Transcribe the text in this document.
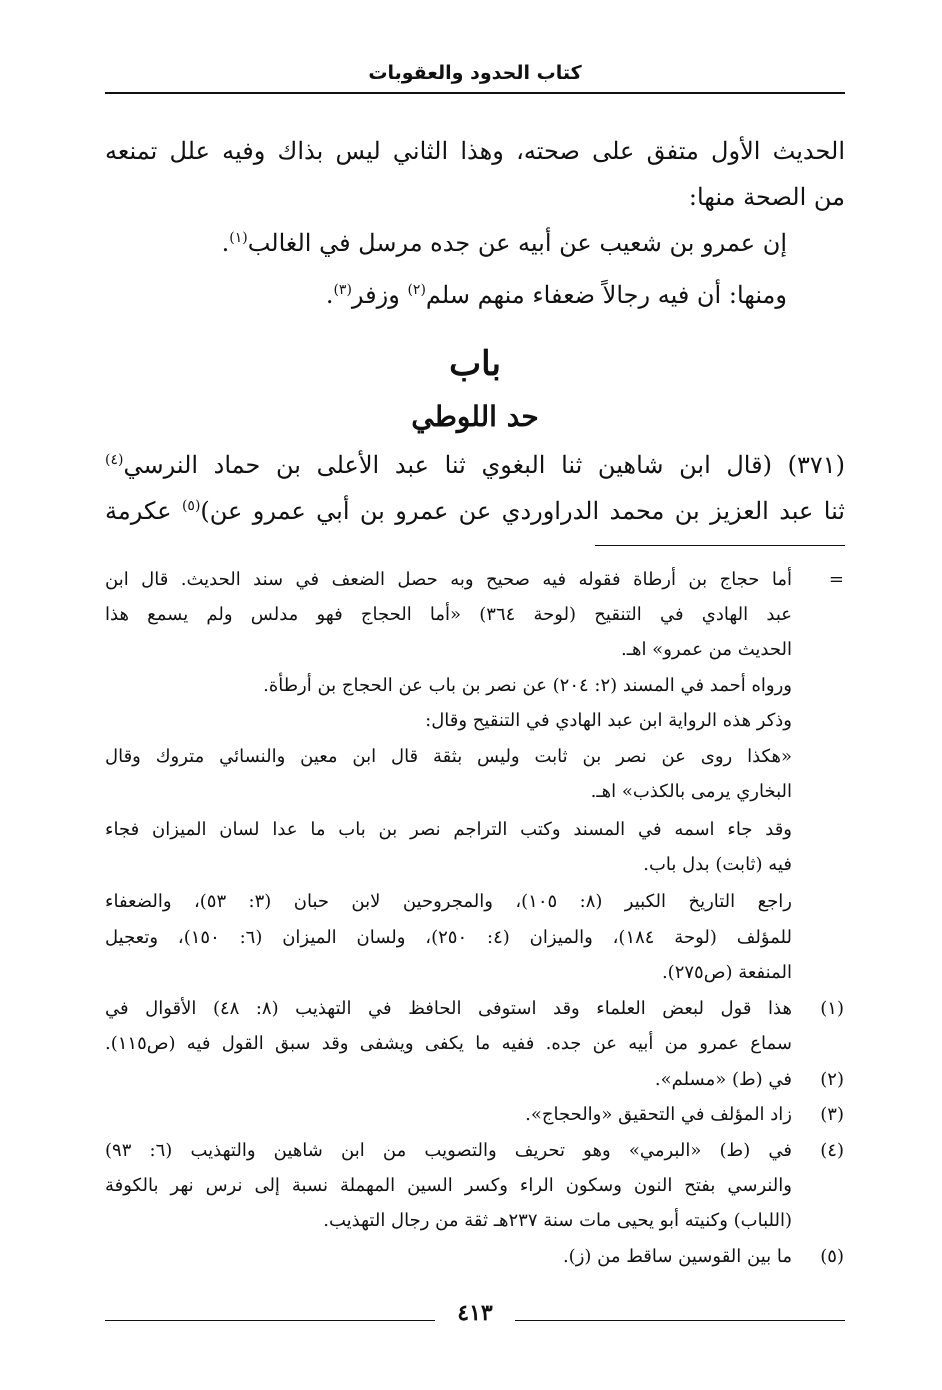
كتاب الحدود والعقوبات
الحديث الأول متفق على صحته، وهذا الثاني ليس بذاك وفيه علل تمنعه
من الصحة منها:
إن عمرو بن شعيب عن أبيه عن جده مرسل في الغالب$^{(١)}$.
ومنها: أن فيه رجالاً ضعفاء منهم سلم$^{(٢)}$ وزفر$^{(٣)}$.
باب
حد اللوطي
(٣٧١) (قال ابن شاهين ثنا البغوي ثنا عبد الأعلى بن حماد النرسي$^{(٤)}$
ثنا عبد العزيز بن محمد الدراوردي عن عمرو بن أبي عمرو عن)$^{(٥)}$ عكرمة
=
أما حجاج بن أرطاة فقوله فيه صحيح وبه حصل الضعف في سند الحديث. قال ابن
عبد الهادي في التنقيح (لوحة ٣٦٤) «أما الحجاج فهو مدلس ولم يسمع هذا
الحديث من عمرو» اهـ.
ورواه أحمد في المسند (٢: ٢٠٤) عن نصر بن باب عن الحجاج بن أرطأة.
وذكر هذه الرواية ابن عبد الهادي في التنقيح وقال:
«هكذا روى عن نصر بن ثابت وليس بثقة قال ابن معين والنسائي متروك وقال
البخاري يرمى بالكذب» اهـ.
وقد جاء اسمه في المسند وكتب التراجم نصر بن باب ما عدا لسان الميزان فجاء
فيه (ثابت) بدل باب.
راجع التاريخ الكبير (٨: ١٠٥)، والمجروحين لابن حبان (٣: ٥٣)، والضعفاء
للمؤلف (لوحة ١٨٤)، والميزان (٤: ٢٥٠)، ولسان الميزان (٦: ١٥٠)، وتعجيل
المنفعة (ص٢٧٥).
(١)
هذا قول لبعض العلماء وقد استوفى الحافظ في التهذيب (٨: ٤٨) الأقوال في
سماع عمرو من أبيه عن جده. ففيه ما يكفى ويشفى وقد سبق القول فيه (ص١١٥).
(٢)
في (ط) «مسلم».
(٣)
زاد المؤلف في التحقيق «والحجاج».
(٤)
في (ط) «البرمي» وهو تحريف والتصويب من ابن شاهين والتهذيب (٦: ٩٣)
والنرسي بفتح النون وسكون الراء وكسر السين المهملة نسبة إلى نرس نهر بالكوفة
(اللباب) وكنيته أبو يحيى مات سنة ٢٣٧هـ ثقة من رجال التهذيب.
(٥)
ما بين القوسين ساقط من (ز).
٤١٣
